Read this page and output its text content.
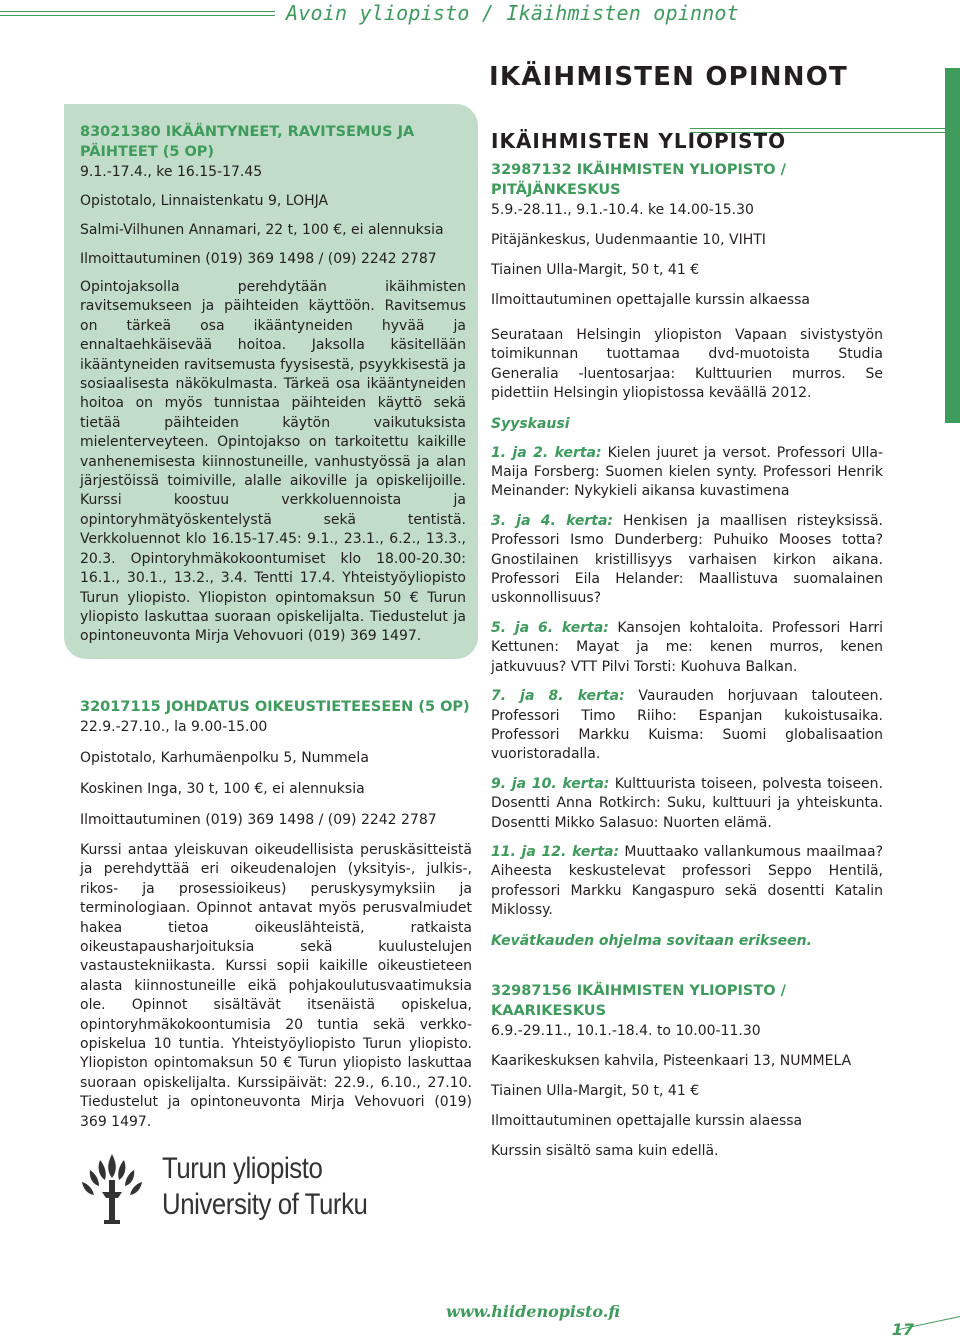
Avoin yliopisto / Ikäihmisten opinnot
IKÄIHMISTEN OPINNOT

83021380 IKÄÄNTYNEET, RAVITSEMUS JA PÄIHTEET (5 OP)

9.1.-17.4., ke 16.15-17.45

Opistotalo, Linnaistenkatu 9, LOHJA

Salmi-Vilhunen Annamari, 22 t, 100 €, ei alennuksia

Ilmoittautuminen (019) 369 1498 / (09) 2242 2787

Opintojaksolla perehdytään ikäihmisten ravitsemukseen ja päihteiden käyttöön. Ravitsemus on tärkeä osa ikääntyneiden hyvää ja ennaltaehkäisevää hoitoa. Jaksolla käsitellään ikääntyneiden ravitsemusta fyysisestä, psyykkisestä ja sosiaalisesta näkökulmasta. Tärkeä osa ikääntyneiden hoitoa on myös tunnistaa päihteiden käyttö sekä tietää päihteiden käytön vaikutuksista mielenterveyteen. Opintojakso on tarkoitettu kaikille vanhenemisesta kiinnostuneille, vanhustyössä ja alan järjestöissä toimiville, alalle aikoville ja opiskelijoille. Kurssi koostuu verkkoluennoista ja opintoryhmätyöskentelystä sekä tentistä. Verkkoluennot klo 16.15-17.45: 9.1., 23.1., 6.2., 13.3., 20.3. Opintoryhmäkokoontumiset klo 18.00-20.30: 16.1., 30.1., 13.2., 3.4. Tentti 17.4. Yhteistyöyliopisto Turun yliopisto. Yliopiston opintomaksun 50 € Turun yliopisto laskuttaa suoraan opiskelijalta. Tiedustelut ja opintoneuvonta Mirja Vehovuori (019) 369 1497.

32017115 JOHDATUS OIKEUSTIETEESEEN (5 OP)

22.9.-27.10., la 9.00-15.00

Opistotalo, Karhumäenpolku 5, Nummela

Koskinen Inga, 30 t, 100 €, ei alennuksia

Ilmoittautuminen (019) 369 1498 / (09) 2242 2787

Kurssi antaa yleiskuvan oikeudellisista peruskäsitteistä ja perehdyttää eri oikeudenalojen (yksityis-, julkis-, rikos- ja prosessioikeus) peruskysymyksiin ja terminologiaan. Opinnot antavat myös perusvalmiudet hakea tietoa oikeuslähteistä, ratkaista oikeustapausharjoituksia sekä kuulustelujen vastaustekniikasta. Kurssi sopii kaikille oikeustieteen alasta kiinnostuneille eikä pohjakoulutusvaatimuksia ole. Opinnot sisältävät itsenäistä opiskelua, opintoryhmäkokoontumisia 20 tuntia sekä verkko-opiskelua 10 tuntia. Yhteistyöyliopisto Turun yliopisto. Yliopiston opintomaksun 50 € Turun yliopisto laskuttaa suoraan opiskelijalta. Kurssipäivät: 22.9., 6.10., 27.10. Tiedustelut ja opintoneuvonta Mirja Vehovuori (019) 369 1497.

Turun yliopisto
University of Turku

IKÄIHMISTEN YLIOPISTO

32987132 IKÄIHMISTEN YLIOPISTO / PITÄJÄNKESKUS

5.9.-28.11., 9.1.-10.4. ke 14.00-15.30

Pitäjänkeskus, Uudenmaantie 10, VIHTI

Tiainen Ulla-Margit, 50 t, 41 €

Ilmoittautuminen opettajalle kurssin alkaessa

Seurataan Helsingin yliopiston Vapaan sivistystyön toimikunnan tuottamaa dvd-muotoista Studia Generalia -luentosarjaa: Kulttuurien murros. Se pidettiin Helsingin yliopistossa keväällä 2012.

Syyskausi

1. ja 2. kerta: Kielen juuret ja versot. Professori Ulla-Maija Forsberg: Suomen kielen synty. Professori Henrik Meinander: Nykykieli aikansa kuvastimena

3. ja 4. kerta: Henkisen ja maallisen risteyksissä. Professori Ismo Dunderberg: Puhuiko Mooses totta? Gnostilainen kristillisyys varhaisen kirkon aikana. Professori Eila Helander: Maallistuva suomalainen uskonnollisuus?

5. ja 6. kerta: Kansojen kohtaloita. Professori Harri Kettunen: Mayat ja me: kenen murros, kenen jatkuvuus? VTT Pilvi Torsti: Kuohuva Balkan.

7. ja 8. kerta: Vaurauden horjuvaan talouteen. Professori Timo Riiho: Espanjan kukoistusaika. Professori Markku Kuisma: Suomi globalisaation vuoristoradalla.

9. ja 10. kerta: Kulttuurista toiseen, polvesta toiseen. Dosentti Anna Rotkirch: Suku, kulttuuri ja yhteiskunta. Dosentti Mikko Salasuo: Nuorten elämä.

11. ja 12. kerta: Muuttaako vallankumous maailmaa? Aiheesta keskustelevat professori Seppo Hentilä, professori Markku Kangaspuro sekä dosentti Katalin Miklossy.

Kevätkauden ohjelma sovitaan erikseen.

32987156 IKÄIHMISTEN YLIOPISTO / KAARIKESKUS

6.9.-29.11., 10.1.-18.4. to 10.00-11.30

Kaarikeskuksen kahvila, Pisteenkaari 13, NUMMELA

Tiainen Ulla-Margit, 50 t, 41 €

Ilmoittautuminen opettajalle kurssin alaessa

Kurssin sisältö sama kuin edellä.

www.hiidenopisto.fi
17
